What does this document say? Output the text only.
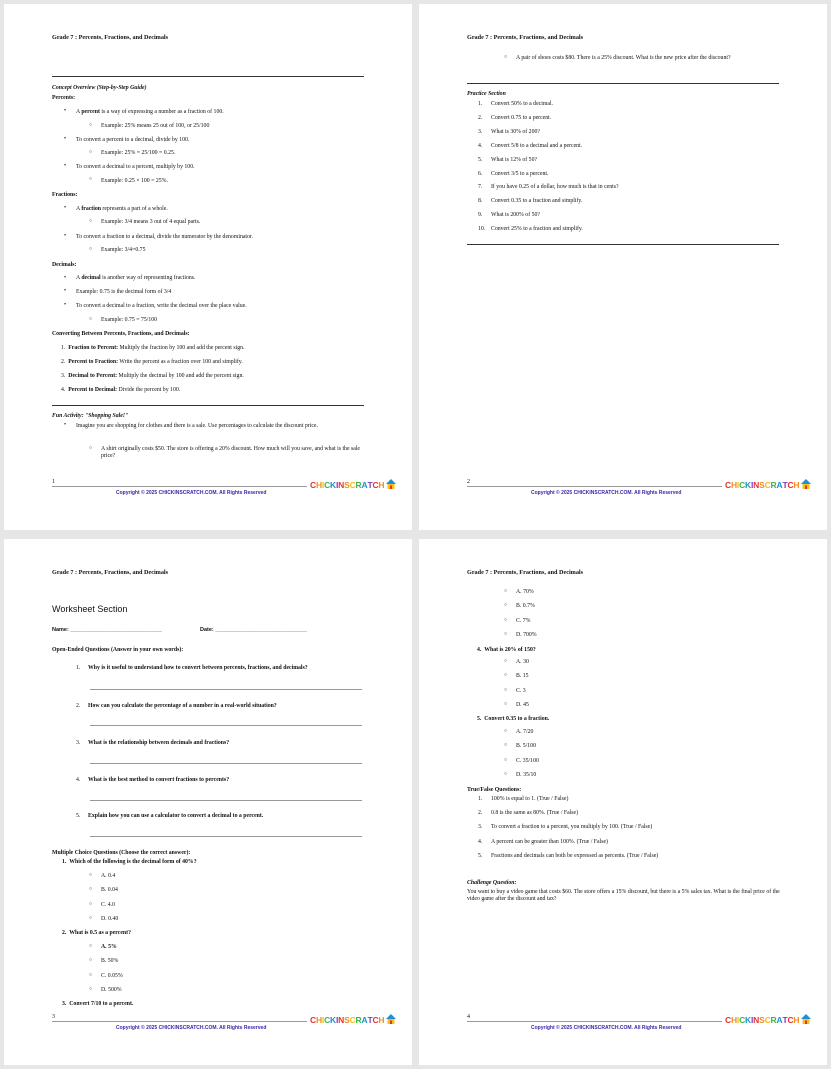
Grade 7 : Percents, Fractions, and Decimals
Concept Overview (Step-by-Step Guide)
Percents:
• A percent is a way of expressing a number as a fraction of 100.
○ Example: 25% means 25 out of 100, or 25/100
• To convert a percent to a decimal, divide by 100.
○ Example: 25% = 25/100 = 0.25.
• To convert a decimal to a percent, multiply by 100.
○ Example: 0.25 × 100 = 25%.
Fractions:
• A fraction represents a part of a whole.
○ Example: 3/4 means 3 out of 4 equal parts.
• To convert a fraction to a decimal, divide the numerator by the denominator.
○ Example: 3/4=0.75
Decimals:
• A decimal is another way of representing fractions.
• Example: 0.75 is the decimal form of 3/4
• To convert a decimal to a fraction, write the decimal over the place value.
○ Example: 0.75 = 75/100
Converting Between Percents, Fractions, and Decimals:
1. Fraction to Percent: Multiply the fraction by 100 and add the percent sign.
2. Percent to Fraction: Write the percent as a fraction over 100 and simplify.
3. Decimal to Percent: Multiply the decimal by 100 and add the percent sign.
4. Percent to Decimal: Divide the percent by 100.
Fun Activity: "Shopping Sale!"
• Imagine you are shopping for clothes and there is a sale. Use percentages to calculate the discount price.
○ A shirt originally costs $50. The store is offering a 20% discount. How much will you save, and what is the sale price?
1
Copyright © 2025 CHICKINSCRATCH.COM. All Rights Reserved
CHICKINSCRATCH
Grade 7 : Percents, Fractions, and Decimals
○ A pair of shoes costs $80. There is a 25% discount. What is the new price after the discount?
Practice Section
1. Convert 50% to a decimal.
2. Convert 0.75 to a percent.
3. What is 30% of 200?
4. Convert 5/8 to a decimal and a percent.
5. What is 12% of 50?
6. Convert 3/5 to a percent.
7. If you have 0.25 of a dollar, how much is that in cents?
8. Convert 0.35 to a fraction and simplify.
9. What is 200% of 50?
10. Convert 25% to a fraction and simplify.
2
Copyright © 2025 CHICKINSCRATCH.COM. All Rights Reserved
CHICKINSCRATCH
Grade 7 : Percents, Fractions, and Decimals
Worksheet Section
Name: ______________________________	Date: ______________________________
Open-Ended Questions (Answer in your own words):
1. Why is it useful to understand how to convert between percents, fractions, and decimals?
2. How can you calculate the percentage of a number in a real-world situation?
3. What is the relationship between decimals and fractions?
4. What is the best method to convert fractions to percents?
5. Explain how you can use a calculator to convert a decimal to a percent.
Multiple Choice Questions (Choose the correct answer):
1.  Which of the following is the decimal form of 40%?
○ A. 0.4
○ B. 0.04
○ C. 4.0
○ D. 0.40
2.  What is 0.5 as a percent?
○ A. 5%
○ B. 50%
○ C. 0.05%
○ D. 500%
3.  Convert 7/10 to a percent.
3
Copyright © 2025 CHICKINSCRATCH.COM. All Rights Reserved
CHICKINSCRATCH
Grade 7 : Percents, Fractions, and Decimals
○ A. 70%
○ B. 0.7%
○ C. 7%
○ D. 700%
4.  What is 20% of 150?
○ A. 30
○ B. 15
○ C. 3
○ D. 45
5.  Convert 0.35 to a fraction.
○ A. 7/20
○ B. 5/100
○ C. 35/100
○ D. 35/10
True/False Questions:
1. 100% is equal to 1. (True / False)
2. 0.8 is the same as 80%. (True / False)
3. To convert a fraction to a percent, you multiply by 100. (True / False)
4. A percent can be greater than 100%. (True / False)
5. Fractions and decimals can both be expressed as percents. (True / False)
Challenge Question:
You want to buy a video game that costs $60. The store offers a 15% discount, but there is a 5% sales tax. What is the final price of the video game after the discount and tax?
4
Copyright © 2025 CHICKINSCRATCH.COM. All Rights Reserved
CHICKINSCRATCH
